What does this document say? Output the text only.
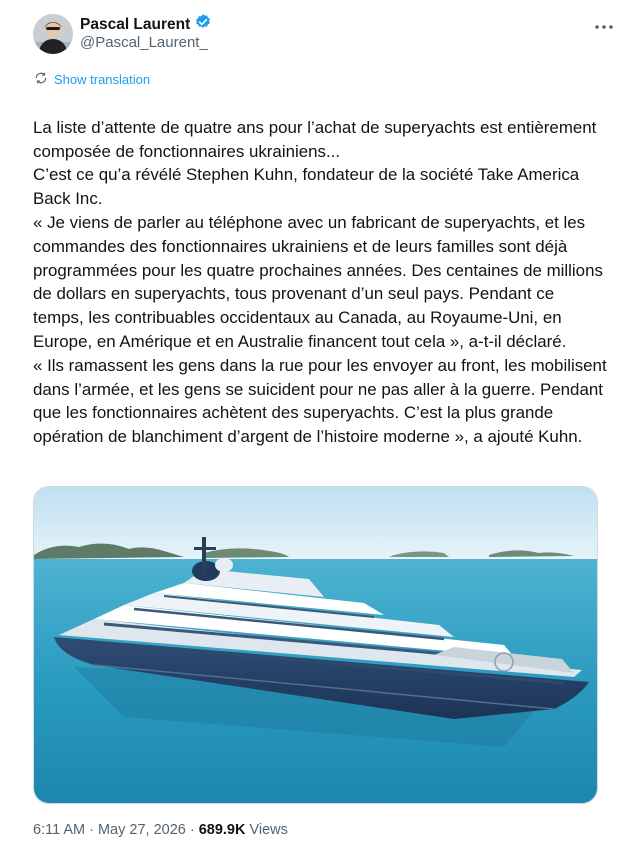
Pascal Laurent
@Pascal_Laurent_
Show translation

La liste d’attente de quatre ans pour l’achat de superyachts est entièrement composée de fonctionnaires ukrainiens...

C’est ce qu’a révélé Stephen Kuhn, fondateur de la société Take America Back Inc.

« Je viens de parler au téléphone avec un fabricant de superyachts, et les commandes des fonctionnaires ukrainiens et de leurs familles sont déjà programmées pour les quatre prochaines années. Des centaines de millions de dollars en superyachts, tous provenant d’un seul pays. Pendant ce temps, les contribuables occidentaux au Canada, au Royaume-Uni, en Europe, en Amérique et en Australie financent tout cela », a-t-il déclaré.

« Ils ramassent les gens dans la rue pour les envoyer au front, les mobilisent dans l’armée, et les gens se suicident pour ne pas aller à la guerre. Pendant que les fonctionnaires achètent des superyachts. C’est la plus grande opération de blanchiment d’argent de l’histoire moderne », a ajouté Kuhn.

6:11 AM · May 27, 2026 · 689.9K Views
